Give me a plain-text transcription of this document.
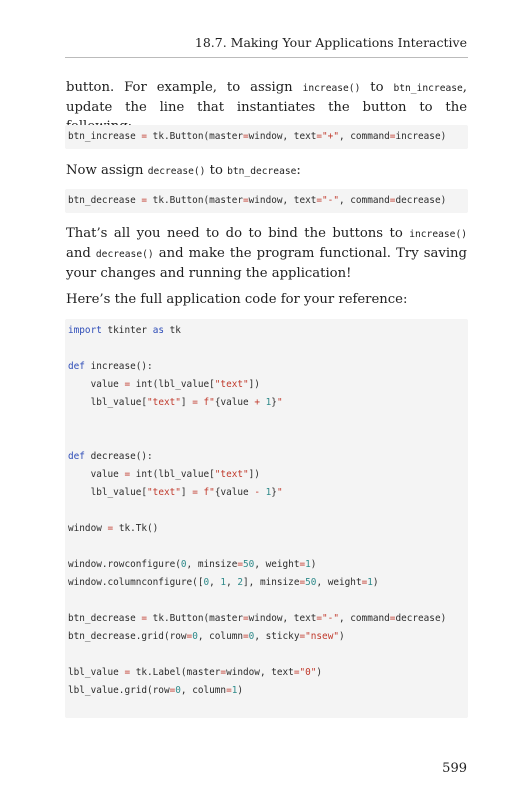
18.7. Making Your Applications Interactive

button. For example, to assign increase() to btn_increase, update the line that instantiates the button to the

btn_increase = tk.Button(master=window, text="+", command=increase)

Now assign decrease() to btn_decrease:

btn_decrease = tk.Button(master=window, text="-", command=decrease)

That’s all you need to do to bind the buttons to increase() and decrease() and make the program functional. Try saving your changes and running the application!

Here’s the full application code for your reference:

import tkinter as tk
def increase():
value = int(lbl_value["text"])
lbl_value["text"] = f"{value + 1}"
def decrease():
value = int(lbl_value["text"])
lbl_value["text"] = f"{value - 1}"
window = tk.Tk()
window.rowconfigure(0, minsize=50, weight=1)
window.columnconfigure([0, 1, 2], minsize=50, weight=1)
btn_decrease = tk.Button(master=window, text="-", command=decrease)
btn_decrease.grid(row=0, column=0, sticky="nsew")
lbl_value = tk.Label(master=window, text="0")
lbl_value.grid(row=0, column=1)
599
